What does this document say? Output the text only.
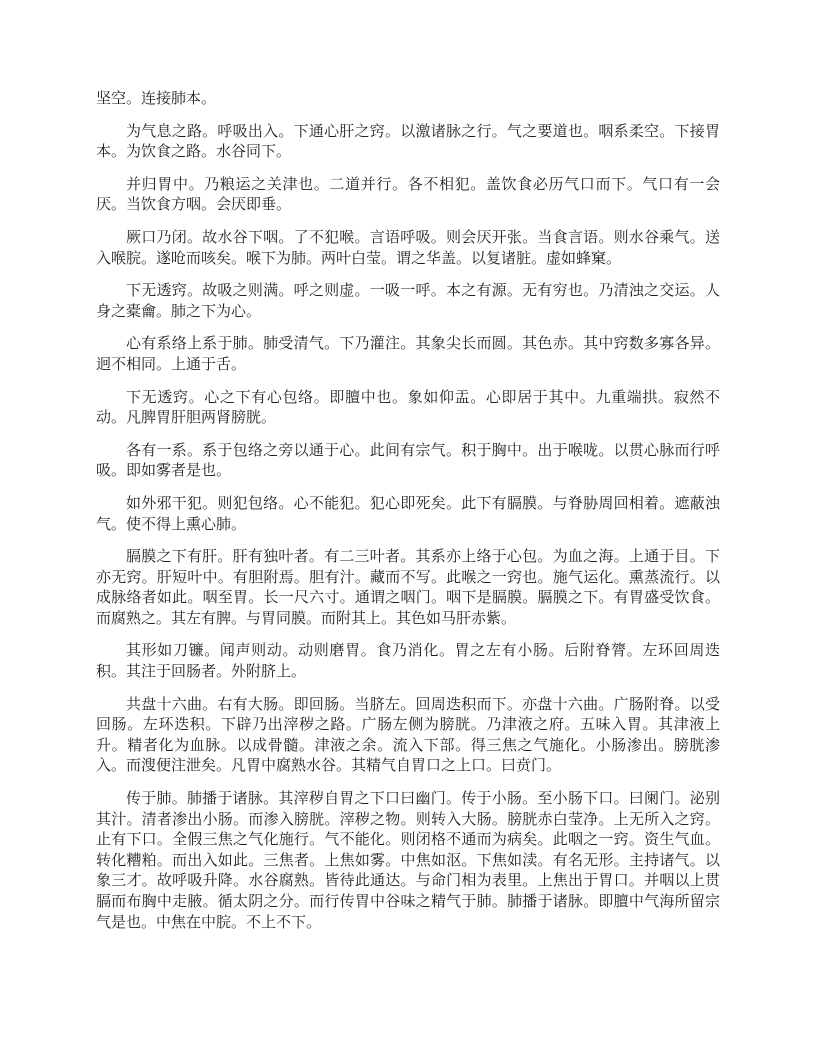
坚空。连接肺本。

为气息之路。呼吸出入。下通心肝之窍。以激诸脉之行。气之要道也。咽系柔空。下接胃本。为饮食之路。水谷同下。

并归胃中。乃粮运之关津也。二道并行。各不相犯。盖饮食必历气口而下。气口有一会厌。当饮食方咽。会厌即垂。

厥口乃闭。故水谷下咽。了不犯喉。言语呼吸。则会厌开张。当食言语。则水谷乘气。送入喉脘。遂呛而咳矣。喉下为肺。两叶白莹。谓之华盖。以复诸脏。虚如蜂窠。

下无透窍。故吸之则满。呼之则虚。一吸一呼。本之有源。无有穷也。乃清浊之交运。人身之橐龠。肺之下为心。

心有系络上系于肺。肺受清气。下乃灌注。其象尖长而圆。其色赤。其中窍数多寡各异。迥不相同。上通于舌。

下无透窍。心之下有心包络。即膻中也。象如仰盂。心即居于其中。九重端拱。寂然不动。凡脾胃肝胆两肾膀胱。

各有一系。系于包络之旁以通于心。此间有宗气。积于胸中。出于喉咙。以贯心脉而行呼吸。即如雾者是也。

如外邪干犯。则犯包络。心不能犯。犯心即死矣。此下有膈膜。与脊胁周回相着。遮蔽浊气。使不得上熏心肺。

膈膜之下有肝。肝有独叶者。有二三叶者。其系亦上络于心包。为血之海。上通于目。下亦无窍。肝短叶中。有胆附焉。胆有汁。藏而不写。此喉之一窍也。施气运化。熏蒸流行。以成脉络者如此。咽至胃。长一尺六寸。通谓之咽门。咽下是膈膜。膈膜之下。有胃盛受饮食。而腐熟之。其左有脾。与胃同膜。而附其上。其色如马肝赤紫。

其形如刀镰。闻声则动。动则磨胃。食乃消化。胃之左有小肠。后附脊膂。左环回周迭积。其注于回肠者。外附脐上。

共盘十六曲。右有大肠。即回肠。当脐左。回周迭积而下。亦盘十六曲。广肠附脊。以受回肠。左环迭积。下辟乃出滓秽之路。广肠左侧为膀胱。乃津液之府。五味入胃。其津液上升。精者化为血脉。以成骨髓。津液之余。流入下部。得三焦之气施化。小肠渗出。膀胱渗入。而溲便注泄矣。凡胃中腐熟水谷。其精气自胃口之上口。曰贲门。

传于肺。肺播于诸脉。其滓秽自胃之下口曰幽门。传于小肠。至小肠下口。曰阑门。泌别其汁。清者渗出小肠。而渗入膀胱。滓秽之物。则转入大肠。膀胱赤白莹净。上无所入之窍。止有下口。全假三焦之气化施行。气不能化。则闭格不通而为病矣。此咽之一窍。资生气血。转化糟粕。而出入如此。三焦者。上焦如雾。中焦如沤。下焦如渎。有名无形。主持诸气。以象三才。故呼吸升降。水谷腐熟。皆待此通达。与命门相为表里。上焦出于胃口。并咽以上贯膈而布胸中走腋。循太阴之分。而行传胃中谷味之精气于肺。肺播于诸脉。即膻中气海所留宗气是也。中焦在中脘。不上不下。
